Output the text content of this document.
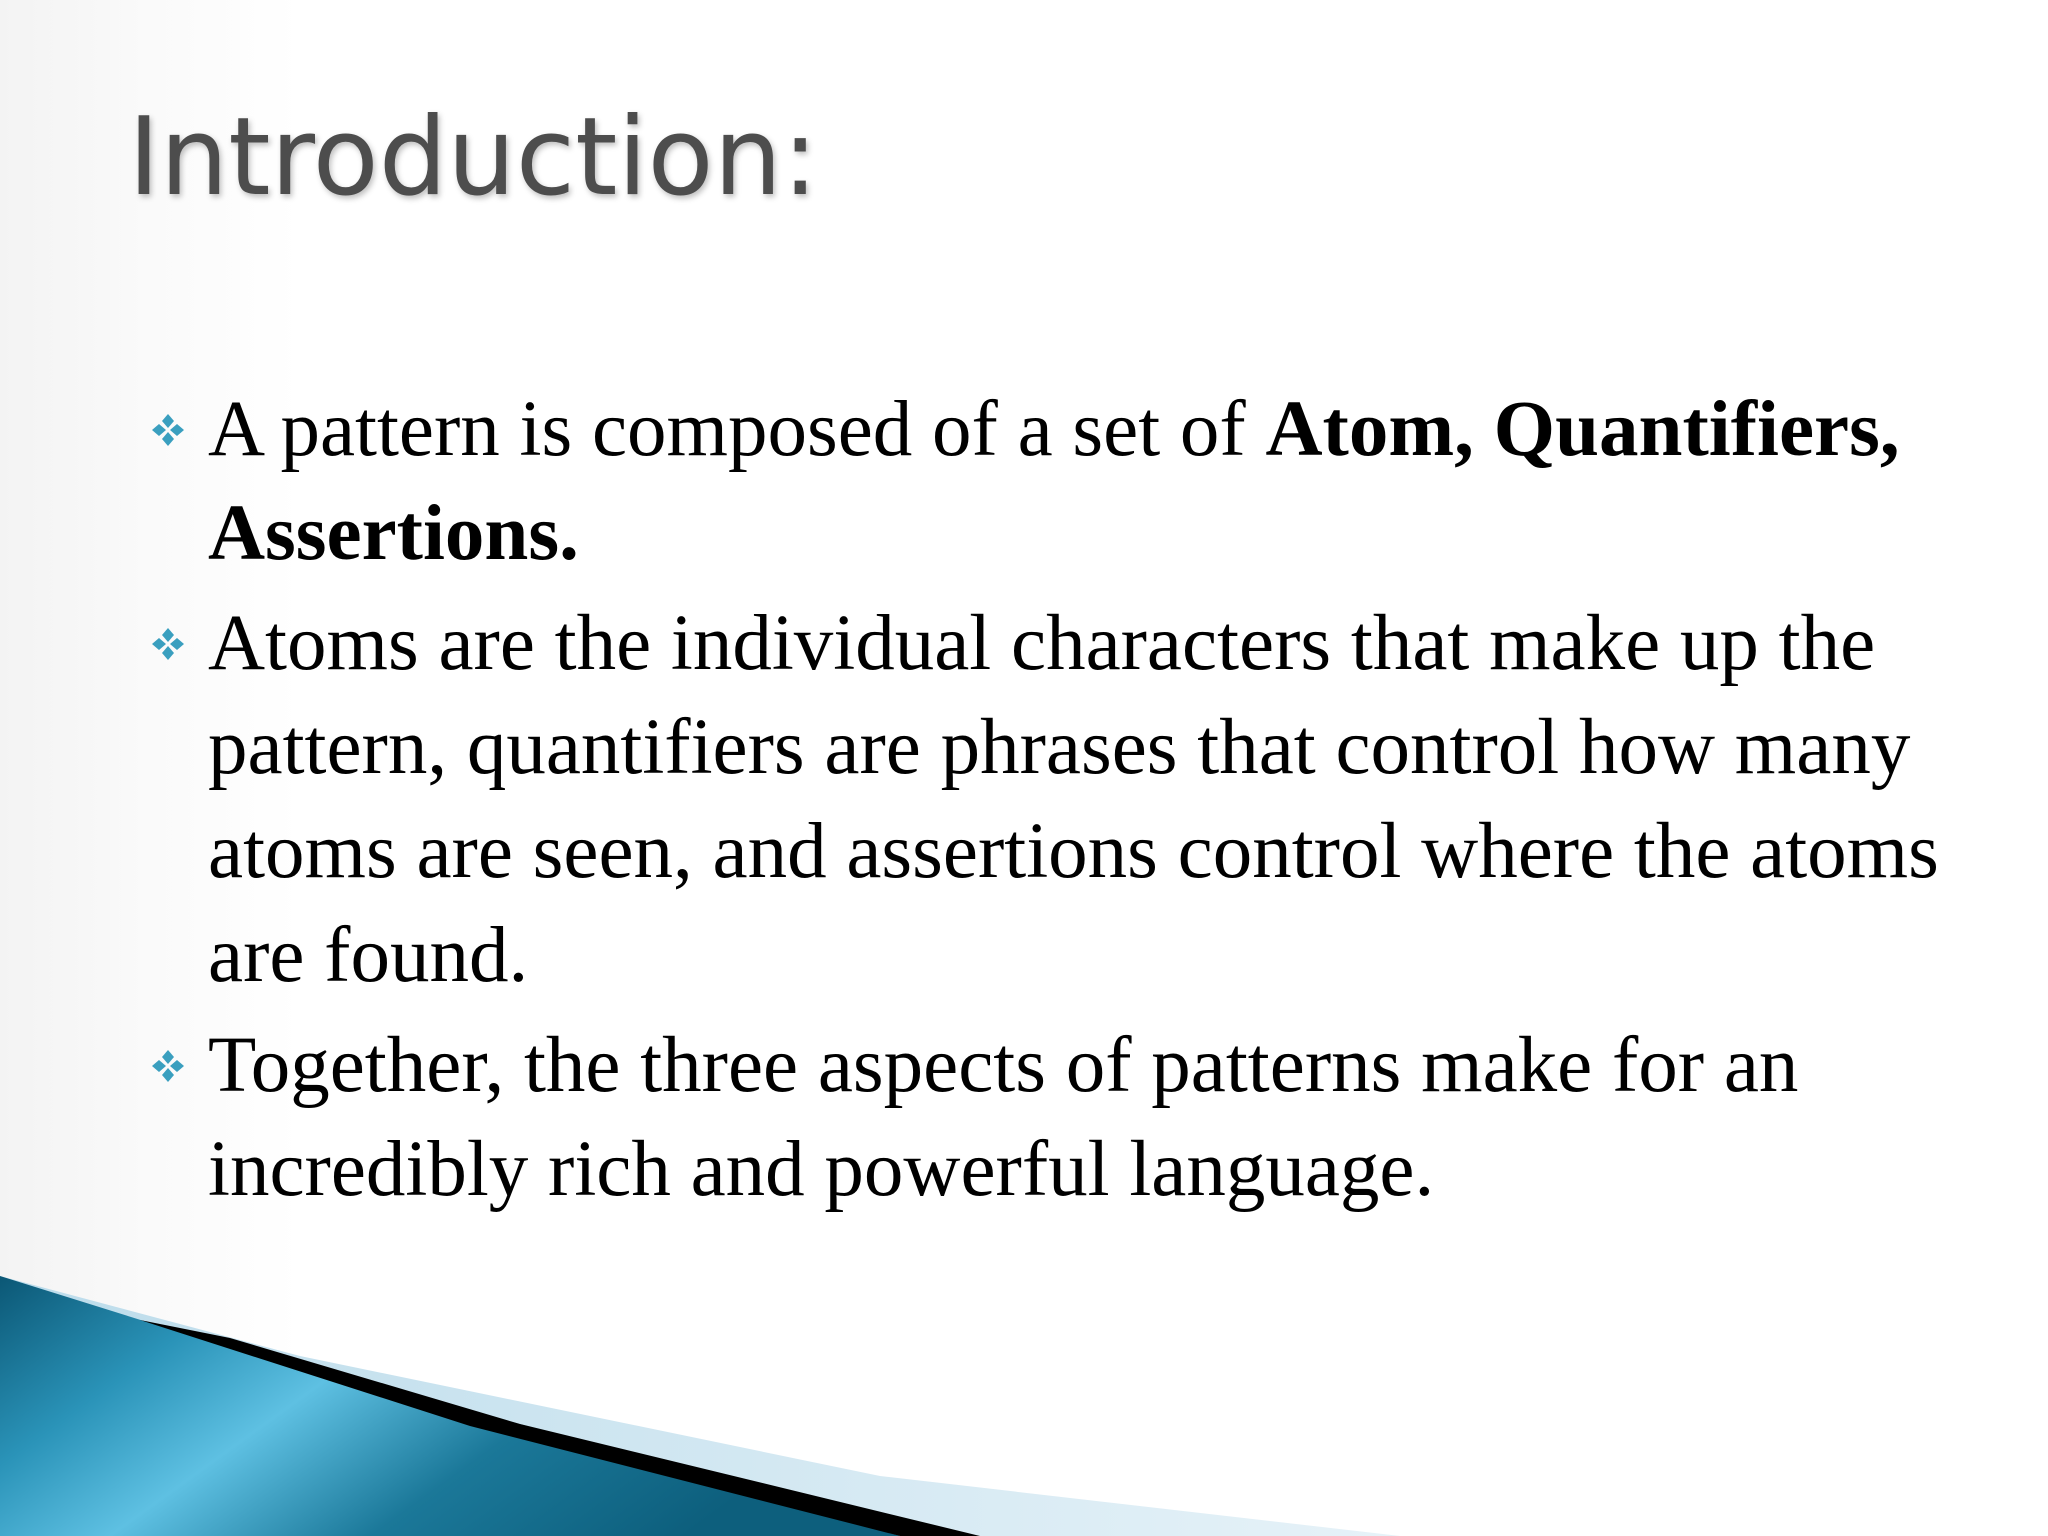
Introduction:
A pattern is composed of a set of Atom, Quantifiers, Assertions.
Atoms are the individual characters that make up the pattern, quantifiers are phrases that control how many atoms are seen, and assertions control where the atoms are found.
Together, the three aspects of patterns make for an incredibly rich and powerful language.
